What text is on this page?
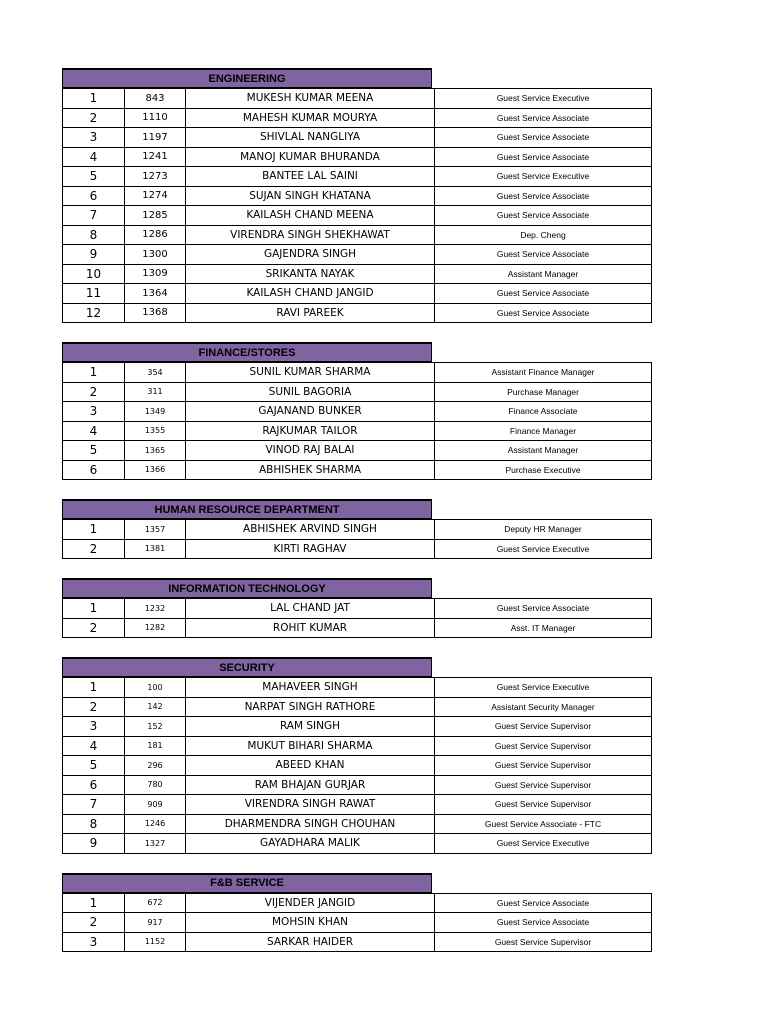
ENGINEERING
1	843	MUKESH KUMAR MEENA	Guest Service Executive
2	1110	MAHESH KUMAR MOURYA	Guest Service Associate
3	1197	SHIVLAL NANGLIYA	Guest Service Associate
4	1241	MANOJ KUMAR BHURANDA	Guest Service Associate
5	1273	BANTEE LAL SAINI	Guest Service Executive
6	1274	SUJAN SINGH KHATANA	Guest Service Associate
7	1285	KAILASH CHAND MEENA	Guest Service Associate
8	1286	VIRENDRA SINGH SHEKHAWAT	Dep. Cheng
9	1300	GAJENDRA SINGH	Guest Service Associate
10	1309	SRIKANTA NAYAK	Assistant Manager
11	1364	KAILASH CHAND JANGID	Guest Service Associate
12	1368	RAVI PAREEK	Guest Service Associate
FINANCE/STORES
1	354	SUNIL KUMAR SHARMA	Assistant Finance Manager
2	311	SUNIL BAGORIA	Purchase Manager
3	1349	GAJANAND BUNKER	Finance Associate
4	1355	RAJKUMAR TAILOR	Finance Manager
5	1365	VINOD RAJ BALAI	Assistant Manager
6	1366	ABHISHEK SHARMA	Purchase Executive
HUMAN RESOURCE DEPARTMENT
1	1357	ABHISHEK ARVIND SINGH	Deputy HR Manager
2	1381	KIRTI RAGHAV	Guest Service Executive
INFORMATION TECHNOLOGY
1	1232	LAL CHAND JAT	Guest Service Associate
2	1282	ROHIT KUMAR	Asst. IT Manager
SECURITY
1	100	MAHAVEER SINGH	Guest Service Executive
2	142	NARPAT SINGH RATHORE	Assistant Security Manager
3	152	RAM SINGH	Guest Service Supervisor
4	181	MUKUT BIHARI SHARMA	Guest Service Supervisor
5	296	ABEED KHAN	Guest Service Supervisor
6	780	RAM BHAJAN GURJAR	Guest Service Supervisor
7	909	VIRENDRA SINGH RAWAT	Guest Service Supervisor
8	1246	DHARMENDRA SINGH CHOUHAN	Guest Service Associate - FTC
9	1327	GAYADHARA MALIK	Guest Service Executive
F&B SERVICE
1	672	VIJENDER JANGID	Guest Service Associate
2	917	MOHSIN KHAN	Guest Service Associate
3	1152	SARKAR HAIDER	Guest Service Supervisor
